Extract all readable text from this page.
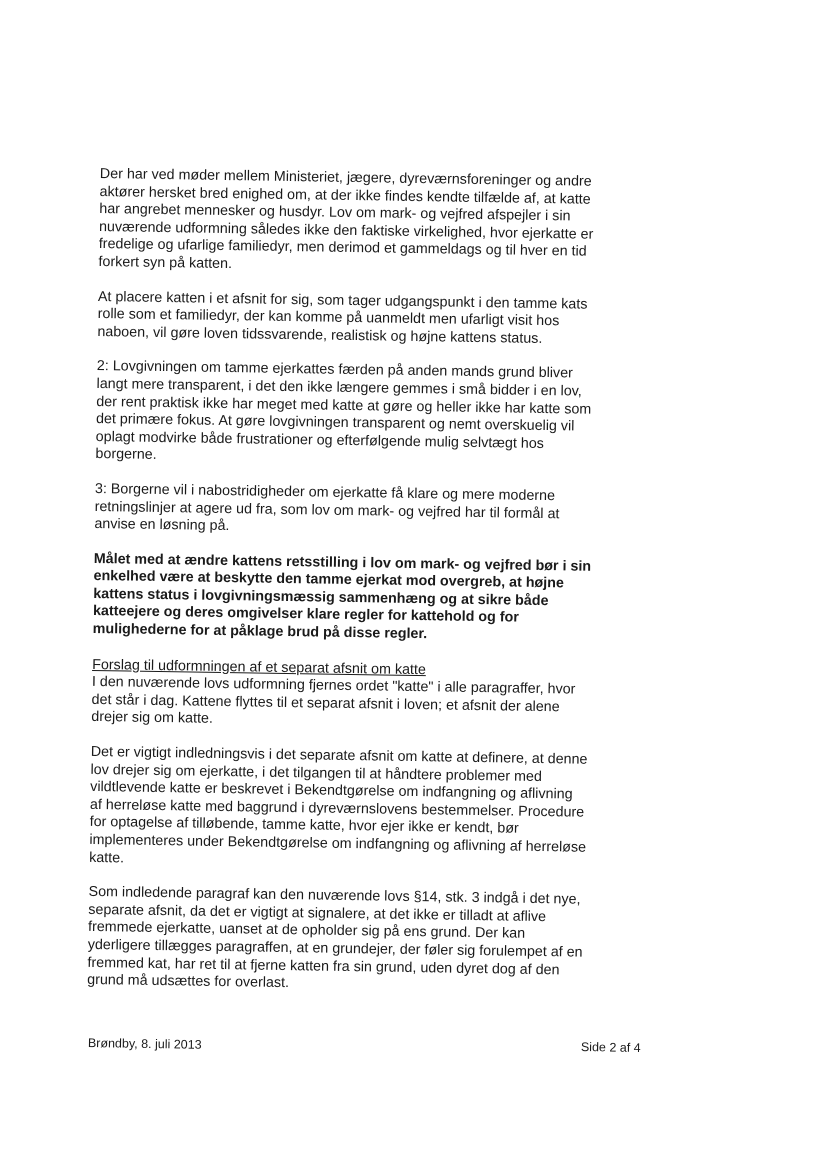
Der har ved møder mellem Ministeriet, jægere, dyreværnsforeninger og andre
aktører hersket bred enighed om, at der ikke findes kendte tilfælde af, at katte
har angrebet mennesker og husdyr. Lov om mark- og vejfred afspejler i sin
nuværende udformning således ikke den faktiske virkelighed, hvor ejerkatte er
fredelige og ufarlige familiedyr, men derimod et gammeldags og til hver en tid
forkert syn på katten.

At placere katten i et afsnit for sig, som tager udgangspunkt i den tamme kats
rolle som et familiedyr, der kan komme på uanmeldt men ufarligt visit hos
naboen, vil gøre loven tidssvarende, realistisk og højne kattens status.

2: Lovgivningen om tamme ejerkattes færden på anden mands grund bliver
langt mere transparent, i det den ikke længere gemmes i små bidder i en lov,
der rent praktisk ikke har meget med katte at gøre og heller ikke har katte som
det primære fokus. At gøre lovgivningen transparent og nemt overskuelig vil
oplagt modvirke både frustrationer og efterfølgende mulig selvtægt hos
borgerne.

3: Borgerne vil i nabostridigheder om ejerkatte få klare og mere moderne
retningslinjer at agere ud fra, som lov om mark- og vejfred har til formål at
anvise en løsning på.

Målet med at ændre kattens retsstilling i lov om mark- og vejfred bør i sin
enkelhed være at beskytte den tamme ejerkat mod overgreb, at højne
kattens status i lovgivningsmæssig sammenhæng og at sikre både
katteejere og deres omgivelser klare regler for kattehold og for
mulighederne for at påklage brud på disse regler.

Forslag til udformningen af et separat afsnit om katte

I den nuværende lovs udformning fjernes ordet "katte" i alle paragraffer, hvor
det står i dag. Kattene flyttes til et separat afsnit i loven; et afsnit der alene
drejer sig om katte.

Det er vigtigt indledningsvis i det separate afsnit om katte at definere, at denne
lov drejer sig om ejerkatte, i det tilgangen til at håndtere problemer med
vildtlevende katte er beskrevet i Bekendtgørelse om indfangning og aflivning
af herreløse katte med baggrund i dyreværnslovens bestemmelser. Procedure
for optagelse af tilløbende, tamme katte, hvor ejer ikke er kendt, bør
implementeres under Bekendtgørelse om indfangning og aflivning af herreløse
katte.

Som indledende paragraf kan den nuværende lovs §14, stk. 3 indgå i det nye,
separate afsnit, da det er vigtigt at signalere, at det ikke er tilladt at aflive
fremmede ejerkatte, uanset at de opholder sig på ens grund. Der kan
yderligere tillægges paragraffen, at en grundejer, der føler sig forulempet af en
fremmed kat, har ret til at fjerne katten fra sin grund, uden dyret dog af den
grund må udsættes for overlast.

Brøndby, 8. juli 2013	Side 2 af 4
